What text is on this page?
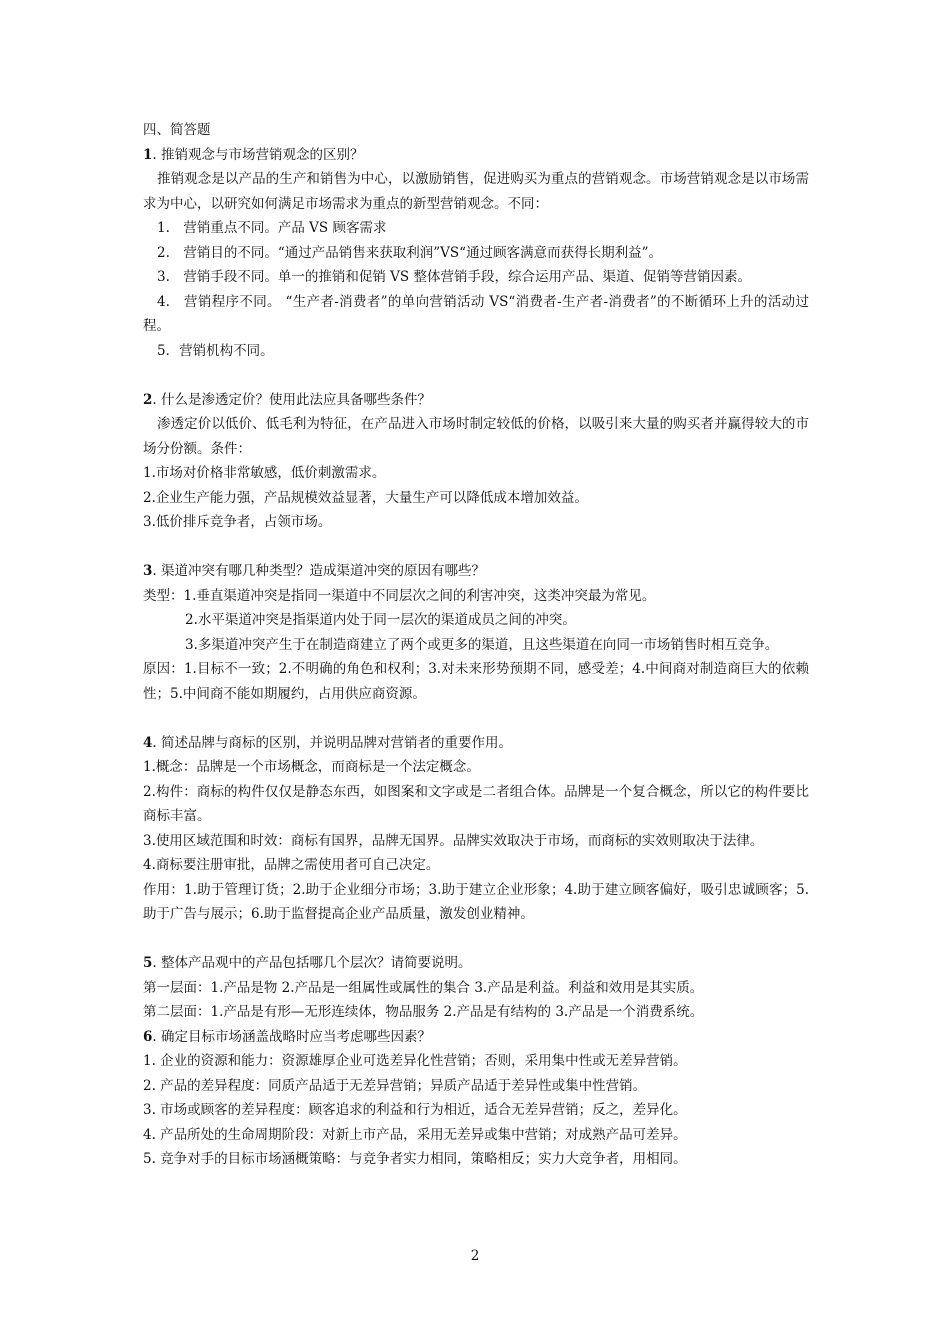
四、简答题
1. 推销观念与市场营销观念的区别？
推销观念是以产品的生产和销售为中心，以激励销售，促进购买为重点的营销观念。市场营销观念是以市场需求为中心，以研究如何满足市场需求为重点的新型营销观念。不同：
1.　营销重点不同。产品 VS 顾客需求
2.　营销目的不同。“通过产品销售来获取利润”VS“通过顾客满意而获得长期利益”。
3.　营销手段不同。单一的推销和促销 VS 整体营销手段，综合运用产品、渠道、促销等营销因素。
4.　营销程序不同。 “生产者-消费者”的单向营销活动 VS“消费者-生产者-消费者”的不断循环上升的活动过程。
5．营销机构不同。
2. 什么是渗透定价？使用此法应具备哪些条件？
渗透定价以低价、低毛利为特征，在产品进入市场时制定较低的价格，以吸引来大量的购买者并赢得较大的市场分份额。条件：
1.市场对价格非常敏感，低价刺激需求。
2.企业生产能力强，产品规模效益显著，大量生产可以降低成本增加效益。
3.低价排斥竞争者，占领市场。
3. 渠道冲突有哪几种类型？造成渠道冲突的原因有哪些？
类型：1.垂直渠道冲突是指同一渠道中不同层次之间的利害冲突，这类冲突最为常见。
2.水平渠道冲突是指渠道内处于同一层次的渠道成员之间的冲突。
3.多渠道冲突产生于在制造商建立了两个或更多的渠道，且这些渠道在向同一市场销售时相互竞争。
原因：1.目标不一致；2.不明确的角色和权利；3.对未来形势预期不同，感受差；4.中间商对制造商巨大的依赖性；5.中间商不能如期履约，占用供应商资源。
4. 简述品牌与商标的区别，并说明品牌对营销者的重要作用。
1.概念：品牌是一个市场概念，而商标是一个法定概念。
2.构件：商标的构件仅仅是静态东西，如图案和文字或是二者组合体。品牌是一个复合概念，所以它的构件要比商标丰富。
3.使用区域范围和时效：商标有国界，品牌无国界。品牌实效取决于市场，而商标的实效则取决于法律。
4.商标要注册审批，品牌之需使用者可自己决定。
作用：1.助于管理订货；2.助于企业细分市场；3.助于建立企业形象；4.助于建立顾客偏好，吸引忠诚顾客；5.助于广告与展示；6.助于监督提高企业产品质量，激发创业精神。
5. 整体产品观中的产品包括哪几个层次？请简要说明。
第一层面：1.产品是物 2.产品是一组属性或属性的集合 3.产品是利益。利益和效用是其实质。
第二层面：1.产品是有形—无形连续体，物品服务 2.产品是有结构的 3.产品是一个消费系统。
6. 确定目标市场涵盖战略时应当考虑哪些因素？
1. 企业的资源和能力：资源雄厚企业可选差异化性营销；否则，采用集中性或无差异营销。
2. 产品的差异程度：同质产品适于无差异营销；异质产品适于差异性或集中性营销。
3. 市场或顾客的差异程度：顾客追求的利益和行为相近，适合无差异营销；反之，差异化。
4. 产品所处的生命周期阶段：对新上市产品，采用无差异或集中营销；对成熟产品可差异。
5. 竞争对手的目标市场涵概策略：与竞争者实力相同，策略相反；实力大竞争者，用相同。
2
